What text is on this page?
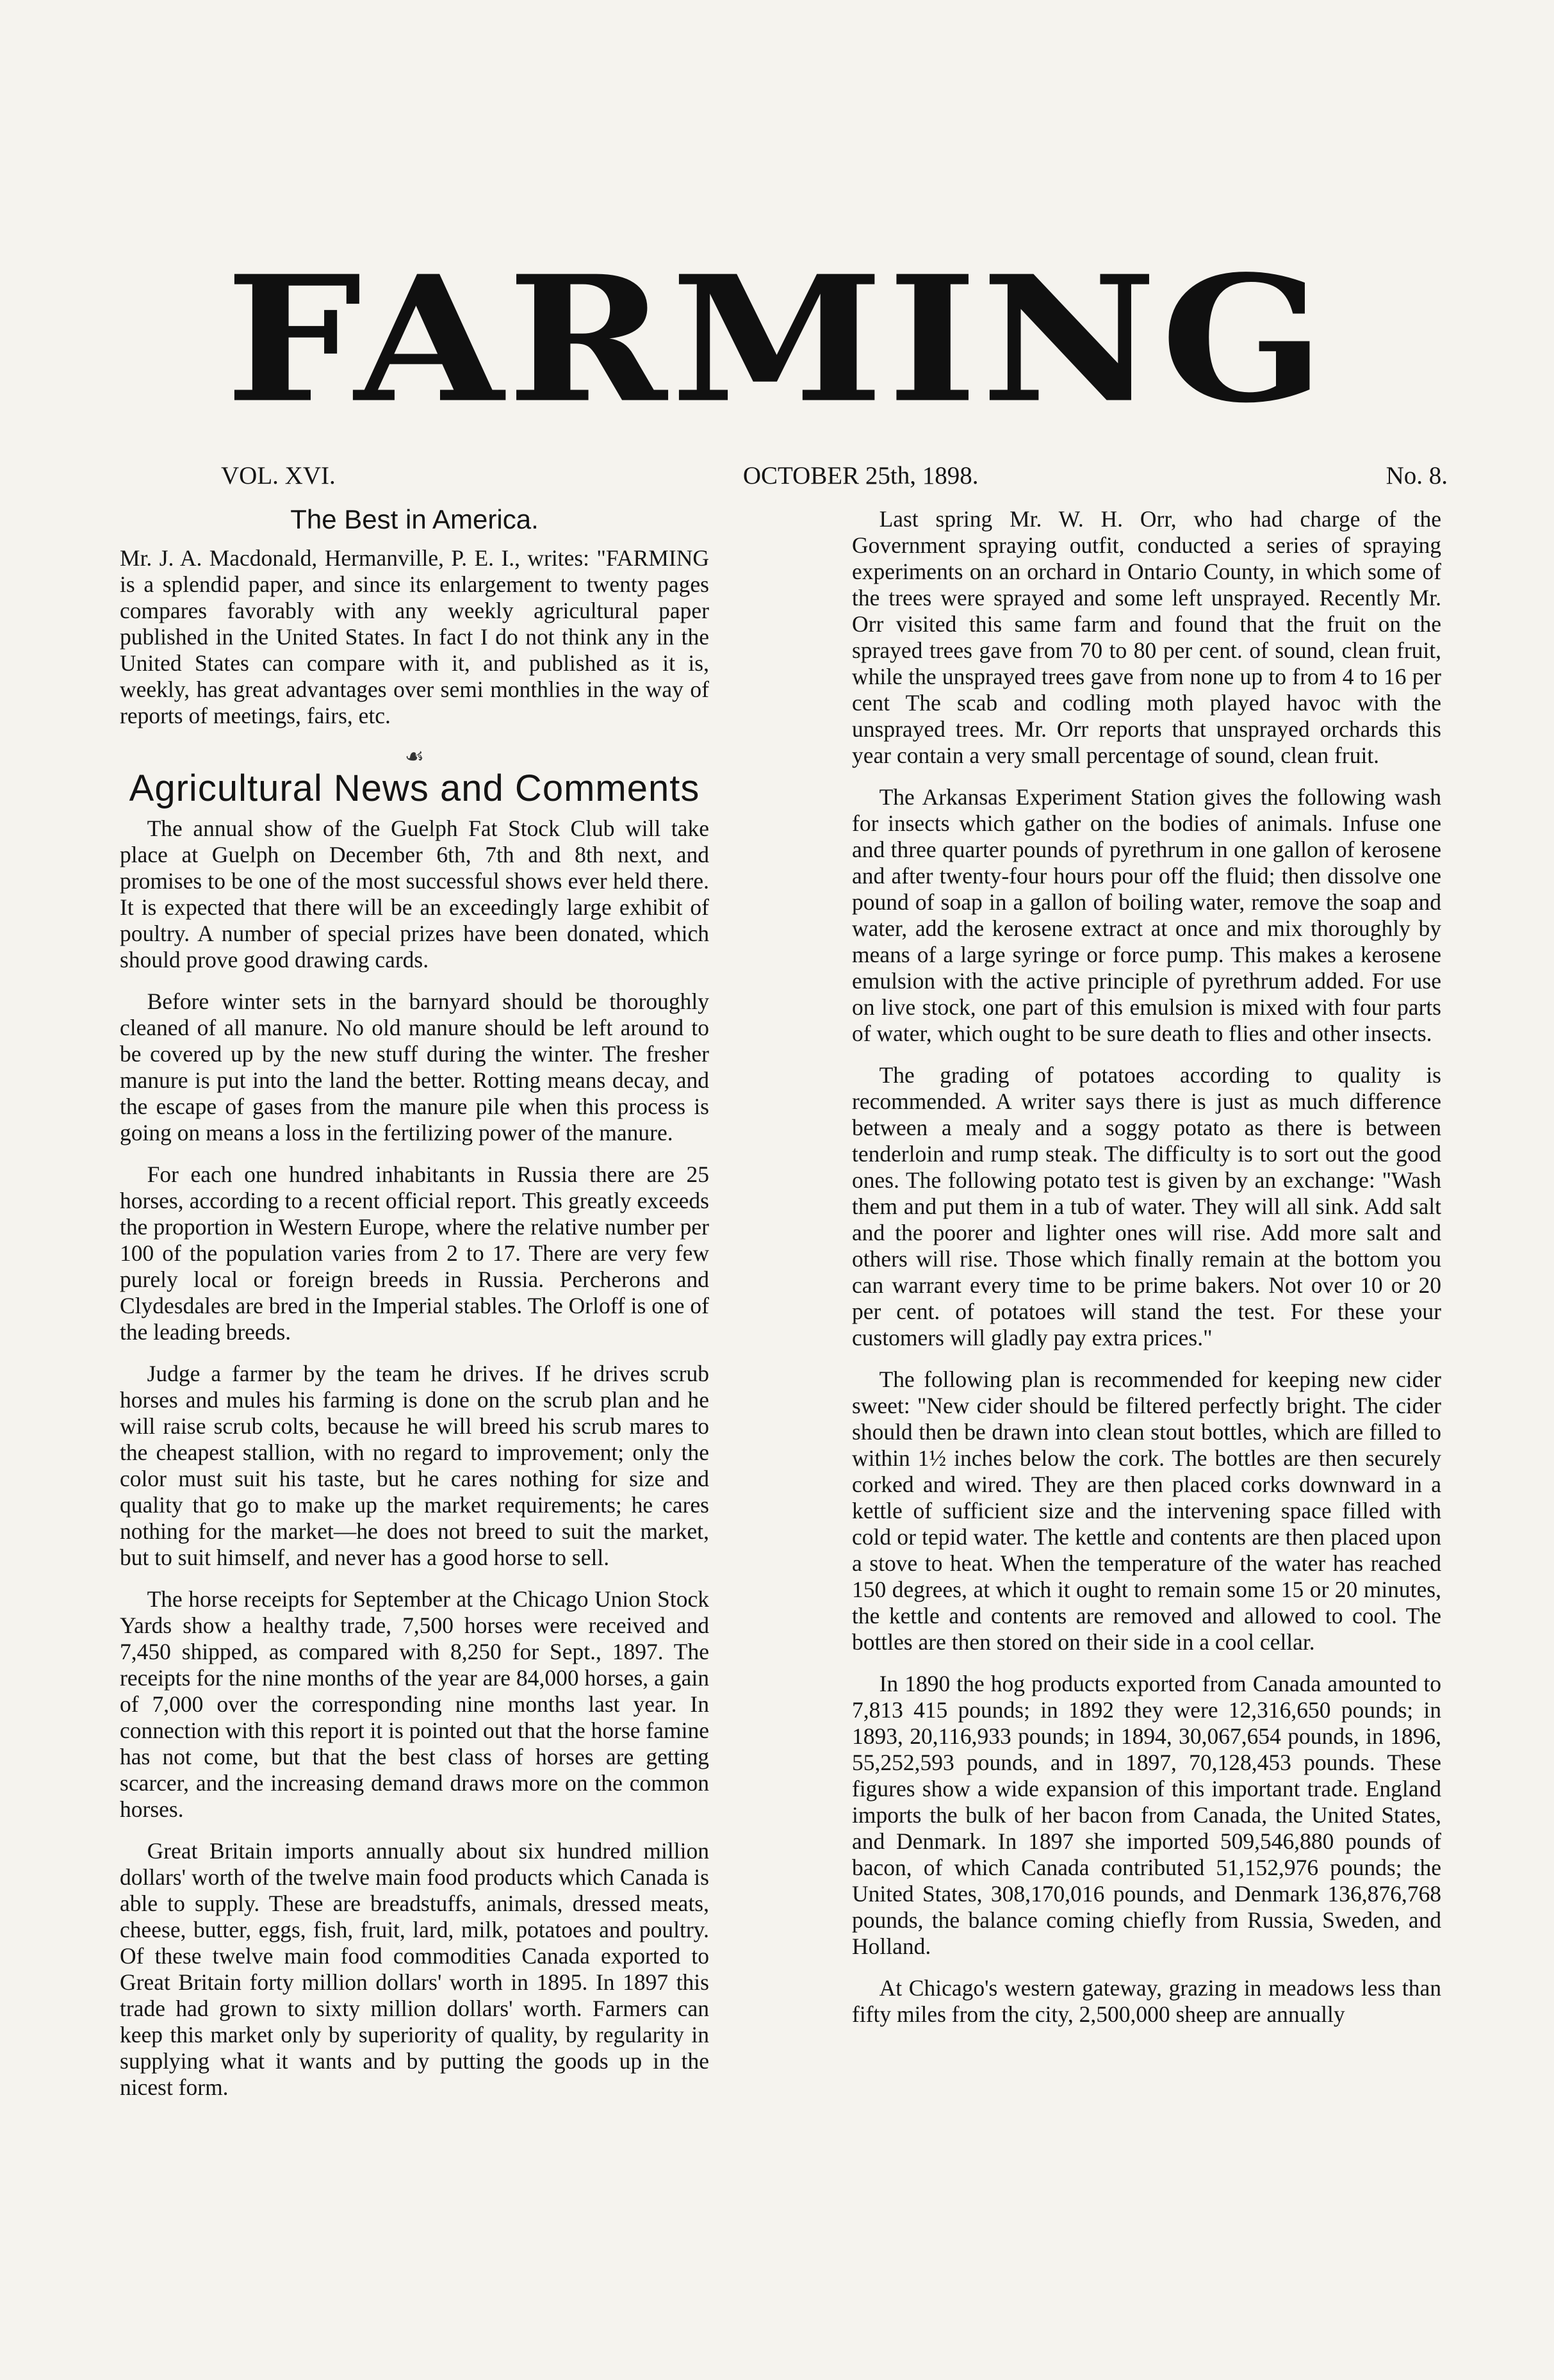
FARMING
VOL. XVI.	OCTOBER 25th, 1898.	No. 8.
The Best in America.

Mr. J. A. Macdonald, Hermanville, P. E. I., writes: "FARMING is a splendid paper, and since its enlargement to twenty pages compares favorably with any weekly agricultural paper published in the United States. In fact I do not think any in the United States can compare with it, and published as it is, weekly, has great advantages over semi monthlies in the way of reports of meetings, fairs, etc.

☙
Agricultural News and Comments

The annual show of the Guelph Fat Stock Club will take place at Guelph on December 6th, 7th and 8th next, and promises to be one of the most successful shows ever held there. It is expected that there will be an exceedingly large exhibit of poultry. A number of special prizes have been donated, which should prove good drawing cards.

Before winter sets in the barnyard should be thoroughly cleaned of all manure. No old manure should be left around to be covered up by the new stuff during the winter. The fresher manure is put into the land the better. Rotting means decay, and the escape of gases from the manure pile when this process is going on means a loss in the fertilizing power of the manure.

For each one hundred inhabitants in Russia there are 25 horses, according to a recent official report. This greatly exceeds the proportion in Western Europe, where the relative number per 100 of the population varies from 2 to 17. There are very few purely local or foreign breeds in Russia. Percherons and Clydesdales are bred in the Imperial stables. The Orloff is one of the leading breeds.

Judge a farmer by the team he drives. If he drives scrub horses and mules his farming is done on the scrub plan and he will raise scrub colts, because he will breed his scrub mares to the cheapest stallion, with no regard to improvement; only the color must suit his taste, but he cares nothing for size and quality that go to make up the market requirements; he cares nothing for the market—he does not breed to suit the market, but to suit himself, and never has a good horse to sell.

The horse receipts for September at the Chicago Union Stock Yards show a healthy trade, 7,500 horses were received and 7,450 shipped, as compared with 8,250 for Sept., 1897. The receipts for the nine months of the year are 84,000 horses, a gain of 7,000 over the corresponding nine months last year. In connection with this report it is pointed out that the horse famine has not come, but that the best class of horses are getting scarcer, and the increasing demand draws more on the common horses.

Great Britain imports annually about six hundred million dollars' worth of the twelve main food products which Canada is able to supply. These are breadstuffs, animals, dressed meats, cheese, butter, eggs, fish, fruit, lard, milk, potatoes and poultry. Of these twelve main food commodities Canada exported to Great Britain forty million dollars' worth in 1895. In 1897 this trade had grown to sixty million dollars' worth. Farmers can keep this market only by superiority of quality, by regularity in supplying what it wants and by putting the goods up in the nicest form.

Last spring Mr. W. H. Orr, who had charge of the Government spraying outfit, conducted a series of spraying experiments on an orchard in Ontario County, in which some of the trees were sprayed and some left unsprayed. Recently Mr. Orr visited this same farm and found that the fruit on the sprayed trees gave from 70 to 80 per cent. of sound, clean fruit, while the unsprayed trees gave from none up to from 4 to 16 per cent The scab and codling moth played havoc with the unsprayed trees. Mr. Orr reports that unsprayed orchards this year contain a very small percentage of sound, clean fruit.

The Arkansas Experiment Station gives the following wash for insects which gather on the bodies of animals. Infuse one and three quarter pounds of pyrethrum in one gallon of kerosene and after twenty-four hours pour off the fluid; then dissolve one pound of soap in a gallon of boiling water, remove the soap and water, add the kerosene extract at once and mix thoroughly by means of a large syringe or force pump. This makes a kerosene emulsion with the active principle of pyrethrum added. For use on live stock, one part of this emulsion is mixed with four parts of water, which ought to be sure death to flies and other insects.

The grading of potatoes according to quality is recommended. A writer says there is just as much difference between a mealy and a soggy potato as there is between tenderloin and rump steak. The difficulty is to sort out the good ones. The following potato test is given by an exchange: "Wash them and put them in a tub of water. They will all sink. Add salt and the poorer and lighter ones will rise. Add more salt and others will rise. Those which finally remain at the bottom you can warrant every time to be prime bakers. Not over 10 or 20 per cent. of potatoes will stand the test. For these your customers will gladly pay extra prices."

The following plan is recommended for keeping new cider sweet: "New cider should be filtered perfectly bright. The cider should then be drawn into clean stout bottles, which are filled to within 1½ inches below the cork. The bottles are then securely corked and wired. They are then placed corks downward in a kettle of sufficient size and the intervening space filled with cold or tepid water. The kettle and contents are then placed upon a stove to heat. When the temperature of the water has reached 150 degrees, at which it ought to remain some 15 or 20 minutes, the kettle and contents are removed and allowed to cool. The bottles are then stored on their side in a cool cellar.

In 1890 the hog products exported from Canada amounted to 7,813 415 pounds; in 1892 they were 12,316,650 pounds; in 1893, 20,116,933 pounds; in 1894, 30,067,654 pounds, in 1896, 55,252,593 pounds, and in 1897, 70,128,453 pounds. These figures show a wide expansion of this important trade. England imports the bulk of her bacon from Canada, the United States, and Denmark. In 1897 she imported 509,546,880 pounds of bacon, of which Canada contributed 51,152,976 pounds; the United States, 308,170,016 pounds, and Denmark 136,876,768 pounds, the balance coming chiefly from Russia, Sweden, and Holland.

At Chicago's western gateway, grazing in meadows less than fifty miles from the city, 2,500,000 sheep are annually
